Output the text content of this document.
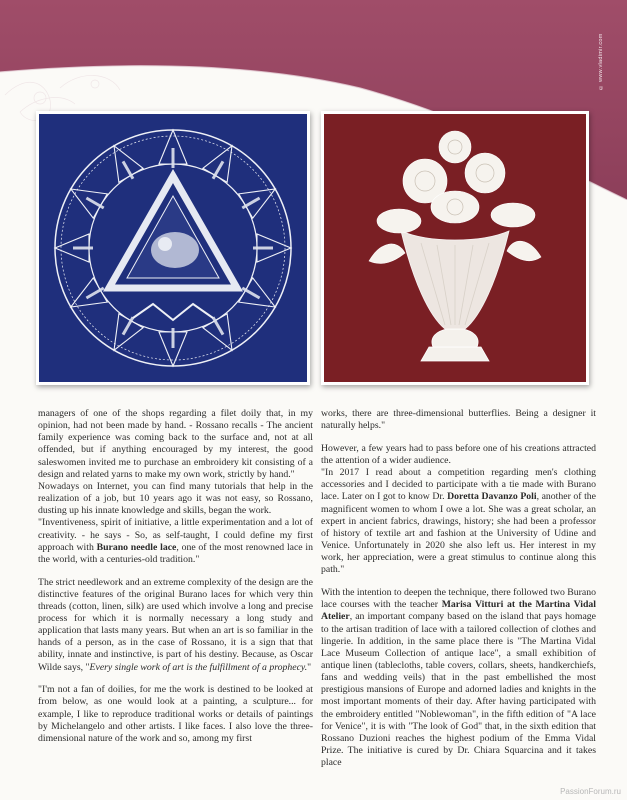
© www.vladimir.com

managers of one of the shops regarding a filet doily that, in my opinion, had not been made by hand. - Rossano recalls - The ancient family experience was coming back to the surface and, not at all offended, but if anything encouraged by my interest, the good saleswomen invited me to purchase an embroidery kit consisting of a design and related yarns to make my own work, strictly by hand."

Nowadays on Internet, you can find many tutorials that help in the realization of a job, but 10 years ago it was not easy, so Rossano, dusting up his innate knowledge and skills, began the work.

"Inventiveness, spirit of initiative, a little experimentation and a lot of creativity. - he says - So, as self-taught, I could define my first approach with Burano needle lace, one of the most renowned lace in the world, with a centuries-old tradition."

The strict needlework and an extreme complexity of the design are the distinctive features of the original Burano laces for which very thin threads (cotton, linen, silk) are used which involve a long and precise process for which it is normally necessary a long study and application that lasts many years. But when an art is so familiar in the hands of a person, as in the case of Rossano, it is a sign that that ability, innate and instinctive, is part of his destiny. Because, as Oscar Wilde says, "Every single work of art is the fulfillment of a prophecy."

"I'm not a fan of doilies, for me the work is destined to be looked at from below, as one would look at a painting, a sculpture... for example, I like to reproduce traditional works or details of paintings by Michelangelo and other artists. I like faces. I also love the three-dimensional nature of the work and so, among my first

works, there are three-dimensional butterflies. Being a designer it naturally helps."

However, a few years had to pass before one of his creations attracted the attention of a wider audience.

"In 2017 I read about a competition regarding men's clothing accessories and I decided to participate with a tie made with Burano lace. Later on I got to know Dr. Doretta Davanzo Poli, another of the magnificent women to whom I owe a lot. She was a great scholar, an expert in ancient fabrics, drawings, history; she had been a professor of history of textile art and fashion at the University of Udine and Venice. Unfortunately in 2020 she also left us. Her interest in my work, her appreciation, were a great stimulus to continue along this path."

With the intention to deepen the technique, there followed two Burano lace courses with the teacher Marisa Vitturi at the Martina Vidal Atelier, an important company based on the island that pays homage to the artisan tradition of lace with a tailored collection of clothes and lingerie. In addition, in the same place there is "The Martina Vidal Lace Museum Collection of antique lace", a small exhibition of antique linen (tablecloths, table covers, collars, sheets, handkerchiefs, fans and wedding veils) that in the past embellished the most prestigious mansions of Europe and adorned ladies and knights in the most important moments of their day. After having participated with the embroidery entitled "Noblewoman", in the fifth edition of "A lace for Venice", it is with "The look of God" that, in the sixth edition that Rossano Duzioni reaches the highest podium of the Emma Vidal Prize. The initiative is cured by Dr. Chiara Squarcina and it takes place

PassionForum.ru
